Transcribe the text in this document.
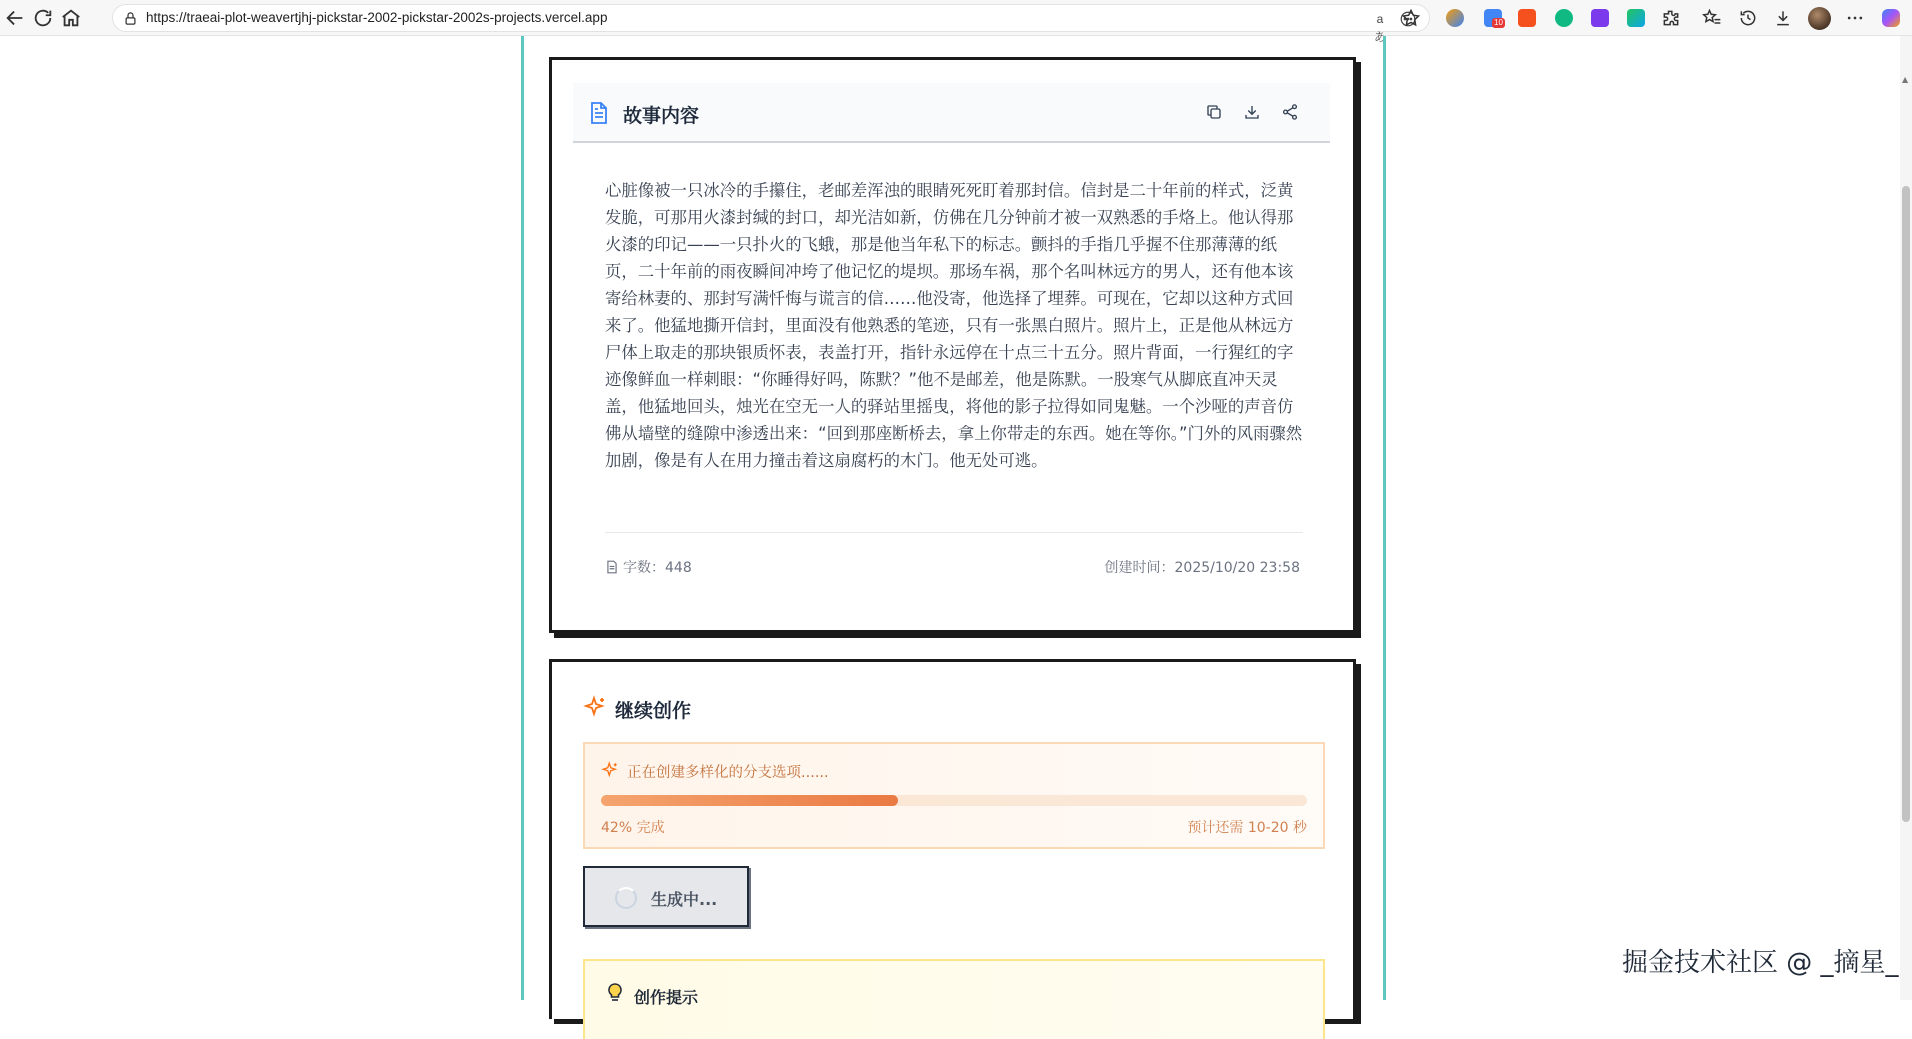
https://traeai-plot-weavertjhj-pickstar-2002-pickstar-2002s-projects.vercel.app	aあ
10
▲
故事内容
心脏像被一只冰冷的手攥住，老邮差浑浊的眼睛死死盯着那封信。信封是二十年前的样式，泛黄发脆，可那用火漆封缄的封口，却光洁如新，仿佛在几分钟前才被一双熟悉的手烙上。他认得那火漆的印记——一只扑火的飞蛾，那是他当年私下的标志。颤抖的手指几乎握不住那薄薄的纸页，二十年前的雨夜瞬间冲垮了他记忆的堤坝。那场车祸，那个名叫林远方的男人，还有他本该寄给林妻的、那封写满忏悔与谎言的信……他没寄，他选择了埋葬。可现在，它却以这种方式回来了。他猛地撕开信封，里面没有他熟悉的笔迹，只有一张黑白照片。照片上，正是他从林远方尸体上取走的那块银质怀表，表盖打开，指针永远停在十点三十五分。照片背面，一行猩红的字迹像鲜血一样刺眼：“你睡得好吗，陈默？”他不是邮差，他是陈默。一股寒气从脚底直冲天灵盖，他猛地回头，烛光在空无一人的驿站里摇曳，将他的影子拉得如同鬼魅。一个沙哑的声音仿佛从墙壁的缝隙中渗透出来：“回到那座断桥去，拿上你带走的东西。她在等你。”门外的风雨骤然加剧，像是有人在用力撞击着这扇腐朽的木门。他无处可逃。
字数：448	创建时间：2025/10/20 23:58
继续创作
正在创建多样化的分支选项......
42% 完成	预计还需 10-20 秒
生成中...
创作提示
掘金技术社区 @ _摘星_
